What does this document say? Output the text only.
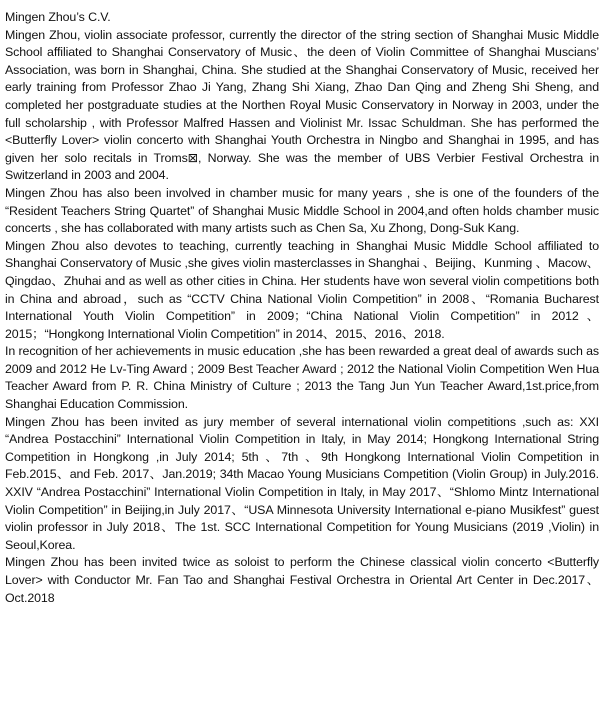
Mingen Zhou’s C.V.

Mingen Zhou, violin associate professor, currently the director of the string section of Shanghai Music Middle School affiliated to Shanghai Conservatory of Music、the deen of Violin Committee of Shanghai Muscians’ Association, was born in Shanghai, China. She studied at the Shanghai Conservatory of Music, received her early training from Professor Zhao Ji Yang, Zhang Shi Xiang, Zhao Dan Qing and Zheng Shi Sheng, and completed her postgraduate studies at the Northen Royal Music Conservatory in Norway in 2003, under the full scholarship , with Professor Malfred Hassen and Violinist Mr. Issac Schuldman. She has performed the <Butterfly Lover> violin concerto with Shanghai Youth Orchestra in Ningbo and Shanghai in 1995, and has given her solo recitals in Troms⊠, Norway. She was the member of UBS Verbier Festival Orchestra in Switzerland in 2003 and 2004.

Mingen Zhou has also been involved in chamber music for many years , she is one of the founders of the “Resident Teachers String Quartet” of Shanghai Music Middle School in 2004,and often holds chamber music concerts , she has collaborated with many artists such as Chen Sa, Xu Zhong, Dong-Suk Kang.

Mingen Zhou also devotes to teaching, currently teaching in Shanghai Music Middle School affiliated to Shanghai Conservatory of Music ,she gives violin masterclasses in Shanghai 、Beijing、Kunming 、Macow、Qingdao、Zhuhai and as well as other cities in China. Her students have won several violin competitions both in China and abroad，such as “CCTV China National Violin Competition” in 2008、“Romania Bucharest International Youth Violin Competition” in 2009；“China National Violin Competition” in 2012、2015；“Hongkong International Violin Competition” in 2014、2015、2016、2018.

In recognition of her achievements in music education ,she has been rewarded a great deal of awards such as 2009 and 2012 He Lv-Ting Award ; 2009 Best Teacher Award ; 2012 the National Violin Competition Wen Hua Teacher Award from P. R. China Ministry of Culture ; 2013 the Tang Jun Yun Teacher Award,1st.price,from Shanghai Education Commission.

Mingen Zhou has been invited as jury member of several international violin competitions ,such as: XXI “Andrea Postacchini” International Violin Competition in Italy, in May 2014; Hongkong International String Competition in Hongkong ,in July 2014; 5th 、7th 、9th Hongkong International Violin Competition in Feb.2015、and Feb. 2017、Jan.2019; 34th Macao Young Musicians Competition (Violin Group) in July.2016. XXIV “Andrea Postacchini” International Violin Competition in Italy, in May 2017、“Shlomo Mintz International Violin Competition” in Beijing,in July 2017、“USA Minnesota University International e-piano Musikfest” guest violin professor in July 2018、The 1st. SCC International Competition for Young Musicians (2019 ,Violin) in Seoul,Korea.

Mingen Zhou has been invited twice as soloist to perform the Chinese classical violin concerto <Butterfly Lover> with Conductor Mr. Fan Tao and Shanghai Festival Orchestra in Oriental Art Center in Dec.2017、Oct.2018
